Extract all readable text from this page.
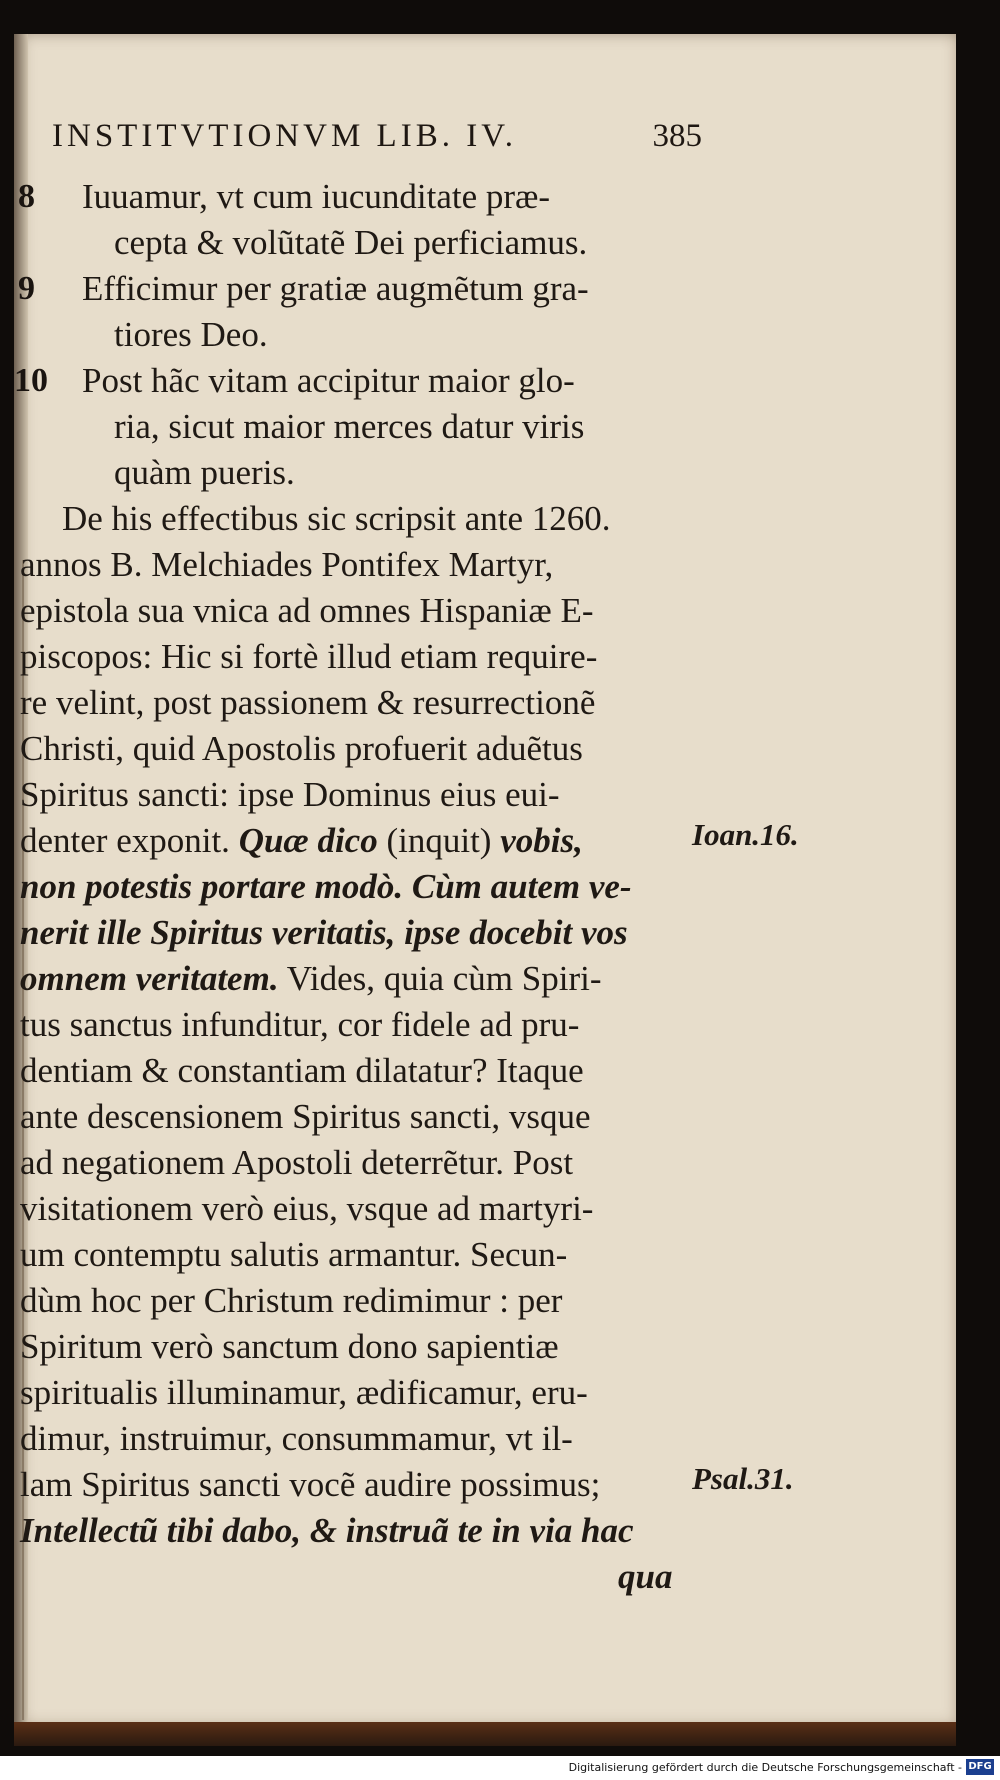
INSTITVTIONVM LIB. IV.	385
8 Iuuamur, vt cum iucunditate præ-
cepta & volũtatẽ Dei perficiamus.
9 Efficimur per gratiæ augmẽtum gra-
tiores Deo.
10 Post hãc vitam accipitur maior glo-
ria, sicut maior merces datur viris
quàm pueris.
De his effectibus sic scripsit ante 1260.
annos B. Melchiades Pontifex Martyr,
epistola sua vnica ad omnes Hispaniæ E-
piscopos: Hic si fortè illud etiam require-
re velint, post passionem & resurrectionẽ
Christi, quid Apostolis profuerit aduẽtus
Spiritus sancti: ipse Dominus eius eui-
denter exponit. Quæ dico (inquit) vobis,
non potestis portare modò. Cùm autem ve-
nerit ille Spiritus veritatis, ipse docebit vos
omnem veritatem. Vides, quia cùm Spiri-
tus sanctus infunditur, cor fidele ad pru-
dentiam & constantiam dilatatur? Itaque
ante descensionem Spiritus sancti, vsque
ad negationem Apostoli deterrẽtur. Post
visitationem verò eius, vsque ad martyri-
um contemptu salutis armantur. Secun-
dùm hoc per Christum redimimur : per
Spiritum verò sanctum dono sapientiæ
spiritualis illuminamur, ædificamur, eru-
dimur, instruimur, consummamur, vt il-
lam Spiritus sancti vocẽ audire possimus;
Intellectũ tibi dabo, & instruã te in via hac
qua
Ioan.16.
Psal.31.
Digitalisierung gefördert durch die Deutsche Forschungsgemeinschaft - DFG
